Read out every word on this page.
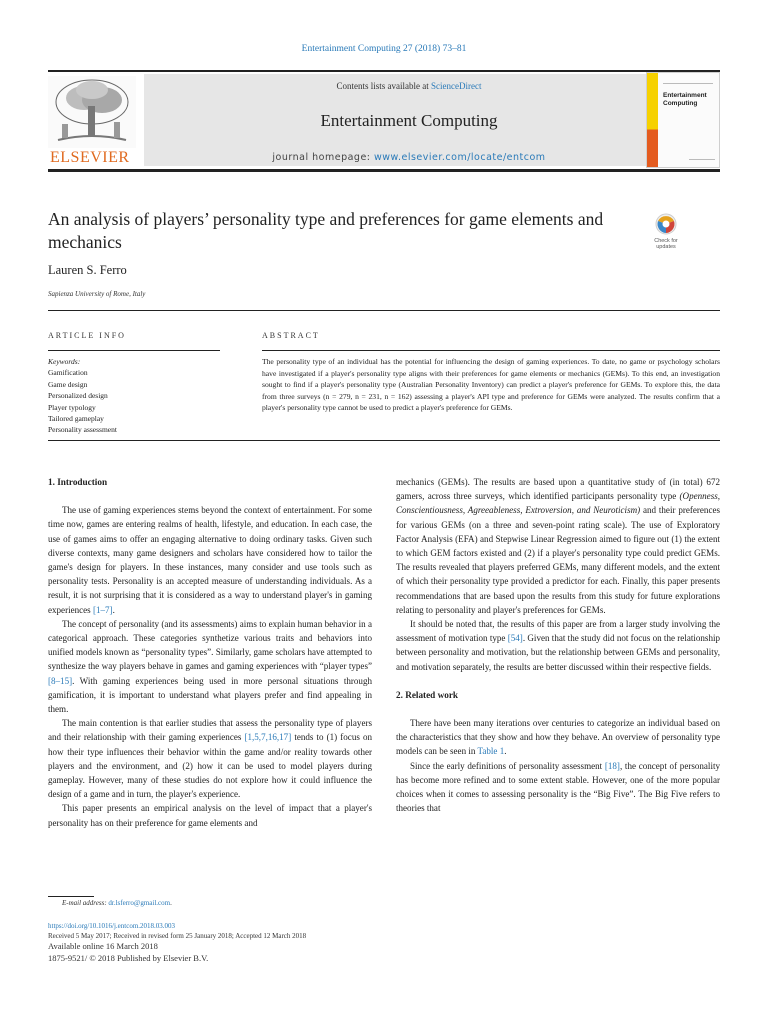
Entertainment Computing 27 (2018) 73–81
ELSEVIER
Contents lists available at ScienceDirect
Entertainment Computing
journal homepage: www.elsevier.com/locate/entcom
Entertainment Computing
An analysis of players’ personality type and preferences for game elements and mechanics	Check for updates
Lauren S. Ferro
Sapienza University of Rome, Italy
ARTICLE INFO	ABSTRACT
Keywords:
Gamification
Game design
Personalized design
Player typology
Tailored gameplay
Personality assessment
The personality type of an individual has the potential for influencing the design of gaming experiences. To date, no game or psychology scholars have investigated if a player's personality type aligns with their preferences for game elements or mechanics (GEMs). To this end, an investigation sought to find if a player's personality type (Australian Personality Inventory) can predict a player's preference for GEMs. To explore this, the data from three surveys (n = 279, n = 231, n = 162) assessing a player's API type and preference for GEMs were analyzed. The results confirm that a player's personality type cannot be used to predict a player's preference for GEMs.

1. Introduction

The use of gaming experiences stems beyond the context of entertainment. For some time now, games are entering realms of health, lifestyle, and education. In each case, the use of games aims to offer an engaging alternative to doing ordinary tasks. Given such diverse contexts, many game designers and scholars have considered how to tailor the game's design for players. In these instances, many consider and use tools such as personality tests. Personality is an accepted measure of understanding individuals. As a result, it is not surprising that it is considered as a way to understand player's in gaming experiences [1–7].

The concept of personality (and its assessments) aims to explain human behavior in a categorical approach. These categories synthetize various traits and behaviors into unified models known as “personality types”. Similarly, game scholars have attempted to synthesize the way players behave in games and gaming experiences with “player types” [8–15]. With gaming experiences being used in more personal situations through gamification, it is important to understand what players prefer and find appealing in them.

The main contention is that earlier studies that assess the personality type of players and their relationship with their gaming experiences [1,5,7,16,17] tends to (1) focus on how their type influences their behavior within the game and/or reality towards other players and the environment, and (2) how it can be used to model players during gameplay. However, many of these studies do not explore how it could influence the design of a game and in turn, the player's experience.

This paper presents an empirical analysis on the level of impact that a player's personality has on their preference for game elements and

mechanics (GEMs). The results are based upon a quantitative study of (in total) 672 gamers, across three surveys, which identified participants personality type (Openness, Conscientiousness, Agreeableness, Extroversion, and Neuroticism) and their preferences for various GEMs (on a three and seven-point rating scale). The use of Exploratory Factor Analysis (EFA) and Stepwise Linear Regression aimed to figure out (1) the extent to which GEM factors existed and (2) if a player's personality type could predict GEMs. The results revealed that players preferred GEMs, many different models, and the extent of which their personality type provided a predictor for each. Finally, this paper presents recommendations that are based upon the results from this study for future explorations relating to personality and player's preferences for GEMs.

It should be noted that, the results of this paper are from a larger study involving the assessment of motivation type [54]. Given that the study did not focus on the relationship between personality and motivation, but the relationship between GEMs and personality, and motivation separately, the results are better discussed within their respective fields.

2. Related work

There have been many iterations over centuries to categorize an individual based on the characteristics that they show and how they behave. An overview of personality type models can be seen in Table 1.

Since the early definitions of personality assessment [18], the concept of personality has become more refined and to some extent stable. However, one of the more popular choices when it comes to assessing personality is the “Big Five”. The Big Five refers to theories that

E-mail address: dr.lsferro@gmail.com.
https://doi.org/10.1016/j.entcom.2018.03.003
Received 5 May 2017; Received in revised form 25 January 2018; Accepted 12 March 2018
Available online 16 March 2018
1875-9521/ © 2018 Published by Elsevier B.V.
